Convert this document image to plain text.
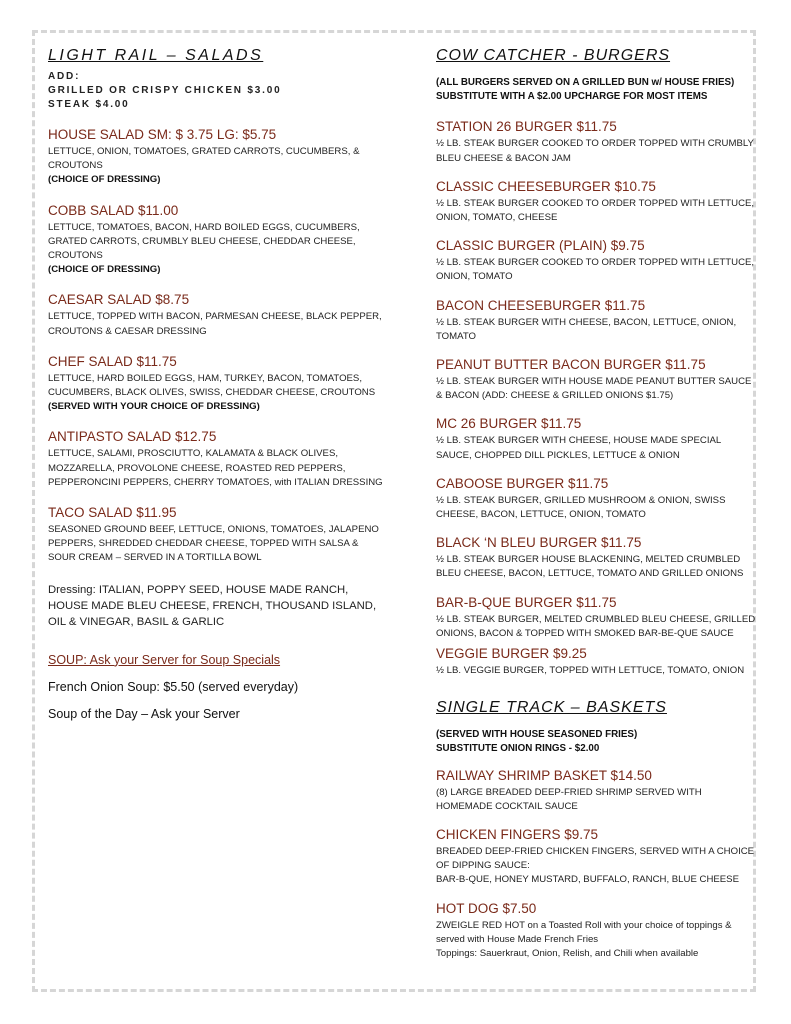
LIGHT RAIL – SALADS
ADD:
GRILLED OR CRISPY CHICKEN $3.00
STEAK $4.00
HOUSE SALAD SM: $ 3.75 LG: $5.75
LETTUCE, ONION, TOMATOES, GRATED CARROTS, CUCUMBERS, & CROUTONS
(CHOICE OF DRESSING)
COBB SALAD $11.00
LETTUCE, TOMATOES, BACON, HARD BOILED EGGS, CUCUMBERS, GRATED CARROTS, CRUMBLY BLEU CHEESE, CHEDDAR CHEESE, CROUTONS
(CHOICE OF DRESSING)
CAESAR SALAD $8.75
LETTUCE, TOPPED WITH BACON, PARMESAN CHEESE, BLACK PEPPER, CROUTONS & CAESAR DRESSING
CHEF SALAD $11.75
LETTUCE, HARD BOILED EGGS, HAM, TURKEY, BACON, TOMATOES, CUCUMBERS, BLACK OLIVES, SWISS, CHEDDAR CHEESE, CROUTONS
(SERVED WITH YOUR CHOICE OF DRESSING)
ANTIPASTO SALAD $12.75
LETTUCE, SALAMI, PROSCIUTTO, KALAMATA & BLACK OLIVES, MOZZARELLA, PROVOLONE CHEESE, ROASTED RED PEPPERS, PEPPERONCINI PEPPERS, CHERRY TOMATOES, with ITALIAN DRESSING
TACO SALAD $11.95
SEASONED GROUND BEEF, LETTUCE, ONIONS, TOMATOES, JALAPENO PEPPERS, SHREDDED CHEDDAR CHEESE, TOPPED WITH SALSA & SOUR CREAM – SERVED IN A TORTILLA BOWL
Dressing: ITALIAN, POPPY SEED, HOUSE MADE RANCH, HOUSE MADE BLEU CHEESE, FRENCH, THOUSAND ISLAND, OIL & VINEGAR, BASIL & GARLIC
SOUP: Ask your Server for Soup Specials
French Onion Soup: $5.50 (served everyday)
Soup of the Day – Ask your Server
COW CATCHER - BURGERS
(ALL BURGERS SERVED ON A GRILLED BUN w/ HOUSE FRIES)
SUBSTITUTE WITH A $2.00 UPCHARGE FOR MOST ITEMS
STATION 26 BURGER $11.75
½ LB. STEAK BURGER COOKED TO ORDER TOPPED WITH CRUMBLY BLEU CHEESE & BACON JAM
CLASSIC CHEESEBURGER $10.75
½ LB. STEAK BURGER COOKED TO ORDER TOPPED WITH LETTUCE, ONION, TOMATO, CHEESE
CLASSIC BURGER (PLAIN) $9.75
½ LB. STEAK BURGER COOKED TO ORDER TOPPED WITH LETTUCE, ONION, TOMATO
BACON CHEESEBURGER $11.75
½ LB. STEAK BURGER WITH CHEESE, BACON, LETTUCE, ONION, TOMATO
PEANUT BUTTER BACON BURGER $11.75
½ LB. STEAK BURGER WITH HOUSE MADE PEANUT BUTTER SAUCE & BACON (ADD: CHEESE & GRILLED ONIONS $1.75)
MC 26 BURGER $11.75
½ LB. STEAK BURGER WITH CHEESE, HOUSE MADE SPECIAL SAUCE, CHOPPED DILL PICKLES, LETTUCE & ONION
CABOOSE BURGER $11.75
½ LB. STEAK BURGER, GRILLED MUSHROOM & ONION, SWISS CHEESE, BACON, LETTUCE, ONION, TOMATO
BLACK ‘N BLEU BURGER $11.75
½ LB. STEAK BURGER HOUSE BLACKENING, MELTED CRUMBLED BLEU CHEESE, BACON, LETTUCE, TOMATO AND GRILLED ONIONS
BAR-B-QUE BURGER $11.75
½ LB. STEAK BURGER, MELTED CRUMBLED BLEU CHEESE, GRILLED ONIONS, BACON & TOPPED WITH SMOKED BAR-BE-QUE SAUCE
VEGGIE BURGER $9.25
½ LB. VEGGIE BURGER, TOPPED WITH LETTUCE, TOMATO, ONION
SINGLE TRACK – BASKETS
(SERVED WITH HOUSE SEASONED FRIES)
SUBSTITUTE ONION RINGS - $2.00
RAILWAY SHRIMP BASKET $14.50
(8) LARGE BREADED DEEP-FRIED SHRIMP SERVED WITH HOMEMADE COCKTAIL SAUCE
CHICKEN FINGERS $9.75
BREADED DEEP-FRIED CHICKEN FINGERS, SERVED WITH A CHOICE OF DIPPING SAUCE:
BAR-B-QUE, HONEY MUSTARD, BUFFALO, RANCH, BLUE CHEESE
HOT DOG $7.50
ZWEIGLE RED HOT on a Toasted Roll with your choice of toppings & served with House Made French Fries
Toppings: Sauerkraut, Onion, Relish, and Chili when available
